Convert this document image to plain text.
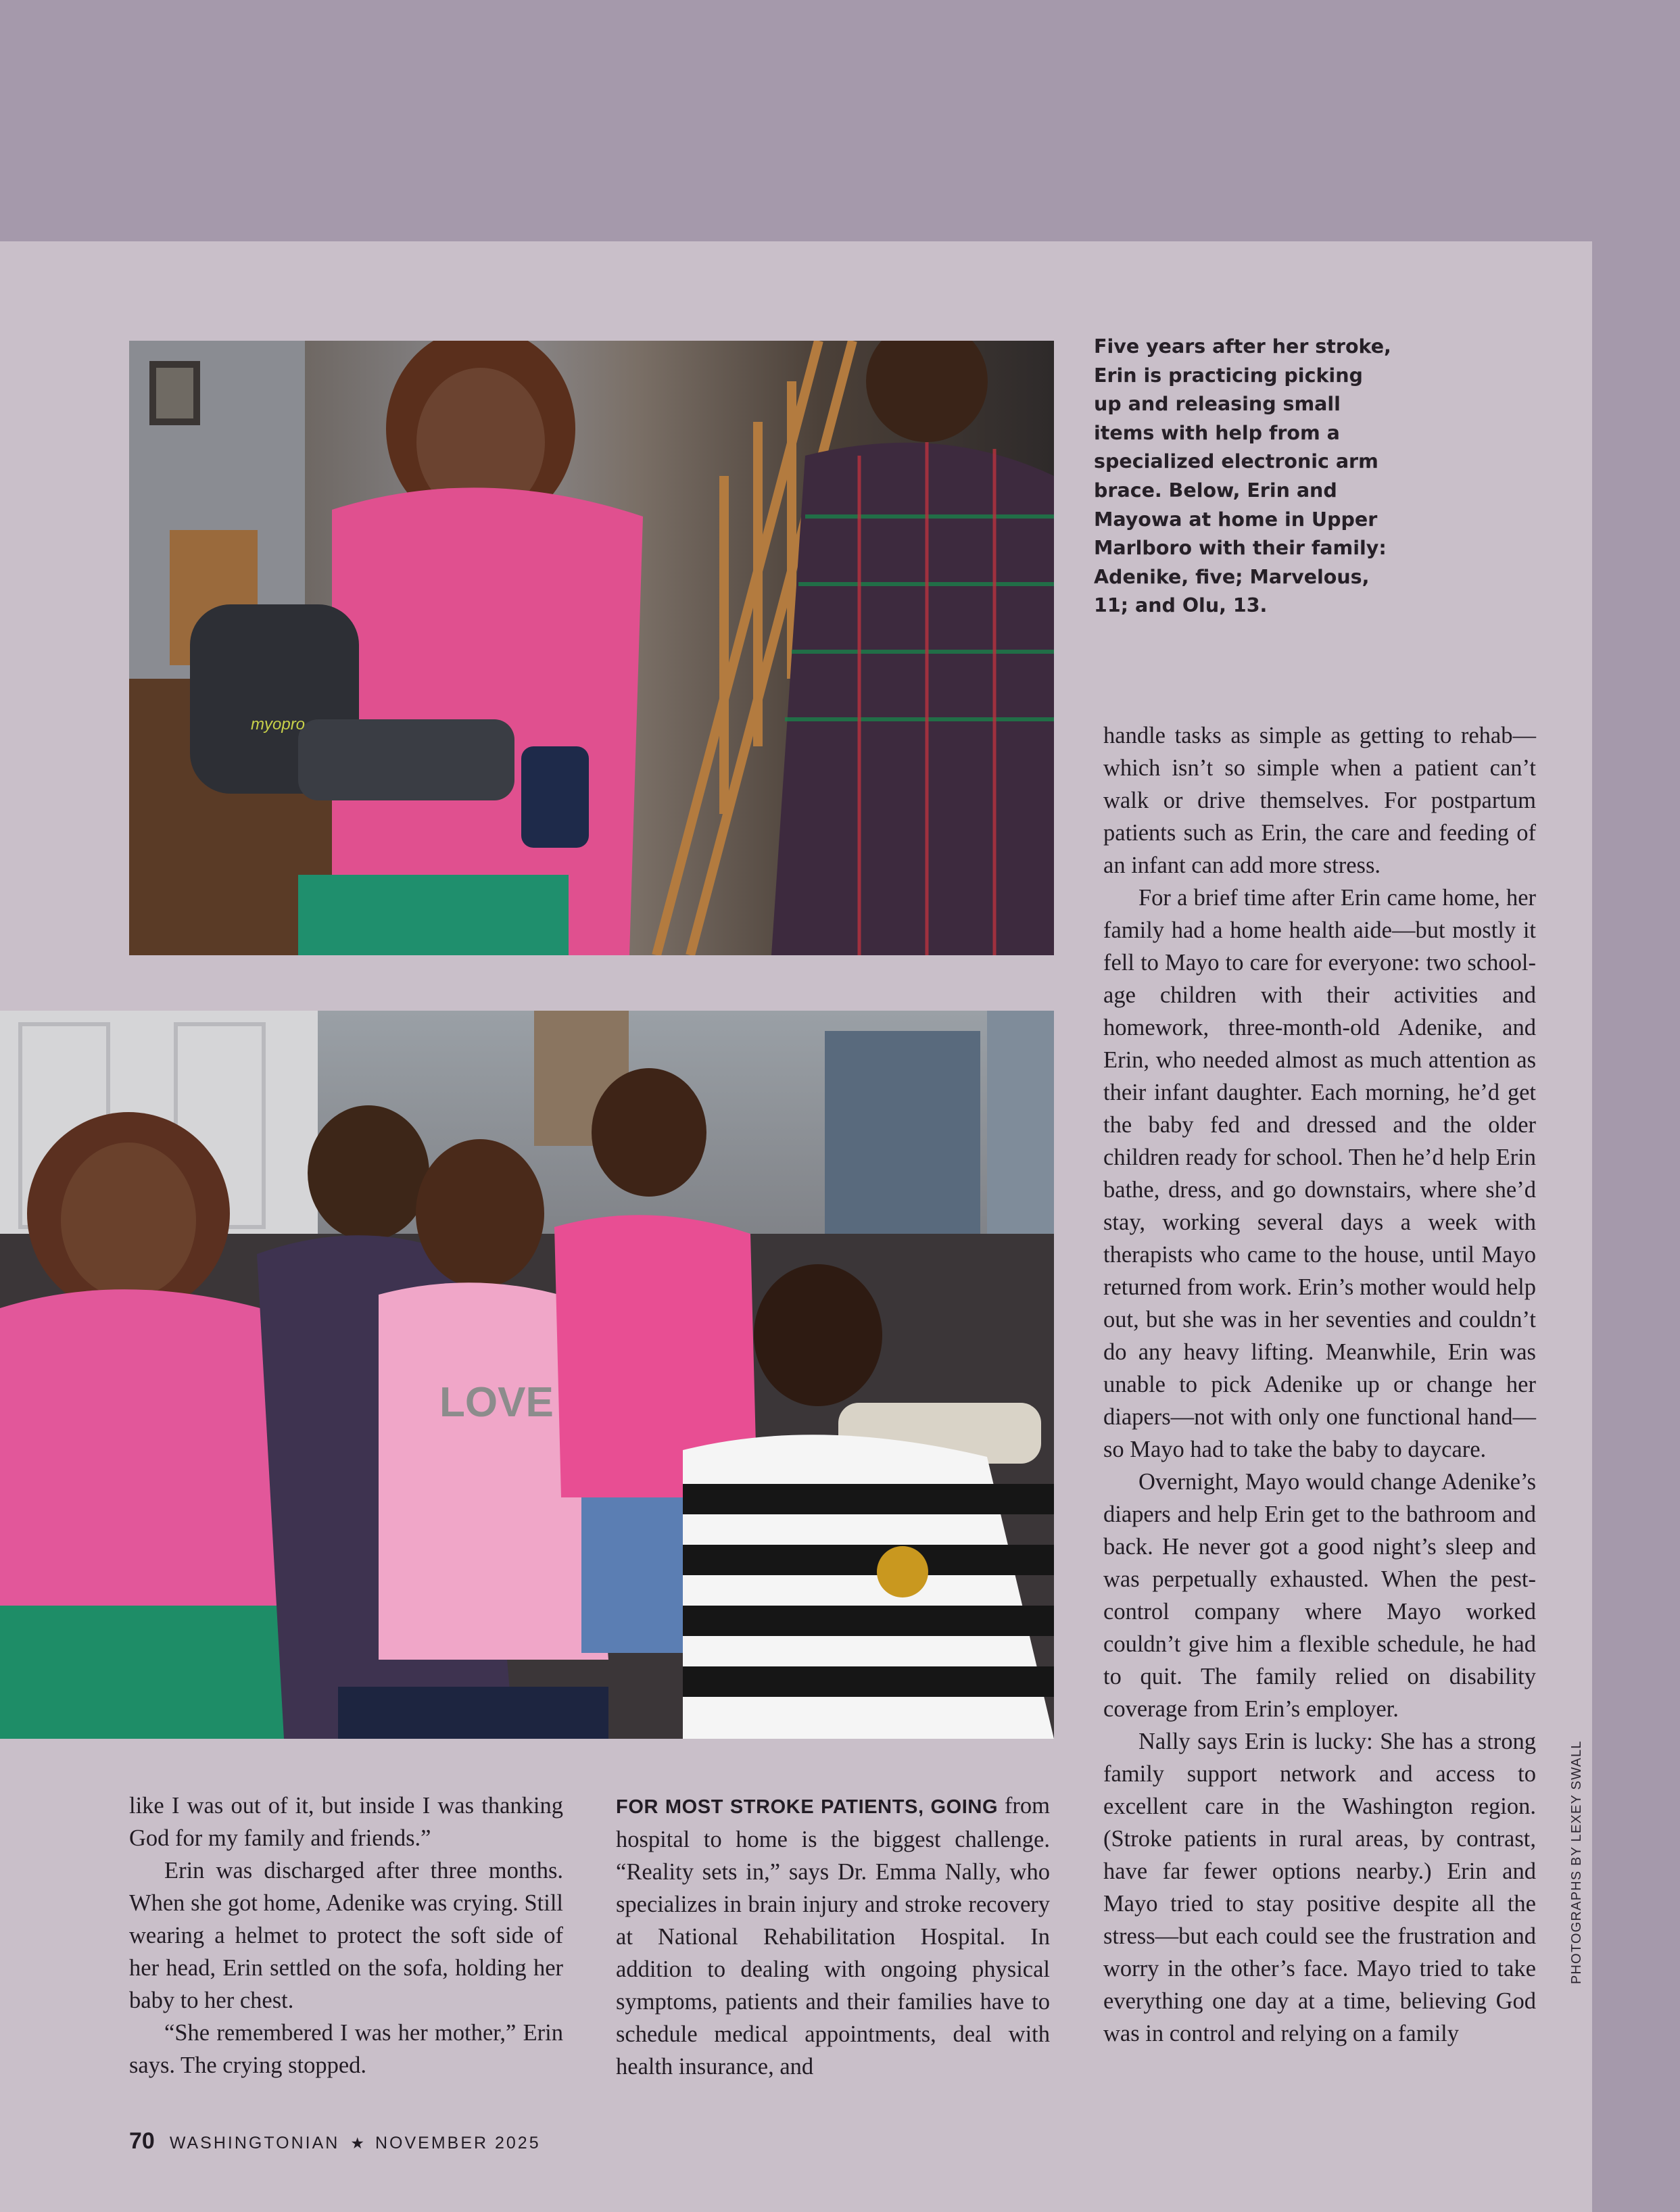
myopro
LOVE

Five years after her stroke, Erin is practicing picking up and releasing small items with help from a specialized electronic arm brace. Below, Erin and Mayowa at home in Upper Marlboro with their family: Adenike, five; Marvelous, 11; and Olu, 13.

handle tasks as simple as getting to rehab—which isn’t so simple when a patient can’t walk or drive themselves. For postpartum patients such as Erin, the care and feeding of an infant can add more stress.

For a brief time after Erin came home, her family had a home health aide—but mostly it fell to Mayo to care for everyone: two school-age children with their activities and homework, three-month-old Adenike, and Erin, who needed almost as much attention as their infant daughter. Each morning, he’d get the baby fed and dressed and the older children ready for school. Then he’d help Erin bathe, dress, and go downstairs, where she’d stay, working several days a week with therapists who came to the house, until Mayo returned from work. Erin’s mother would help out, but she was in her seventies and couldn’t do any heavy lifting. Meanwhile, Erin was unable to pick Adenike up or change her diapers—not with only one functional hand—so Mayo had to take the baby to daycare.

Overnight, Mayo would change Adenike’s diapers and help Erin get to the bathroom and back. He never got a good night’s sleep and was perpetually exhausted. When the pest-control company where Mayo worked couldn’t give him a flexible schedule, he had to quit. The family relied on disability coverage from Erin’s employer.

Nally says Erin is lucky: She has a strong family support network and access to excellent care in the Washington region. (Stroke patients in rural areas, by contrast, have far fewer options nearby.) Erin and Mayo tried to stay positive despite all the stress—but each could see the frustration and worry in the other’s face. Mayo tried to take everything one day at a time, believing God was in control and relying on a family

like I was out of it, but inside I was thanking God for my family and friends.”

Erin was discharged after three months. When she got home, Adenike was crying. Still wearing a helmet to protect the soft side of her head, Erin settled on the sofa, holding her baby to her chest.

“She remembered I was her mother,” Erin says. The crying stopped.

FOR MOST STROKE PATIENTS, GOING from hospital to home is the biggest challenge. “Reality sets in,” says Dr. Emma Nally, who specializes in brain injury and stroke recovery at National Rehabilitation Hospital. In addition to dealing with ongoing physical symptoms, patients and their families have to schedule medical appointments, deal with health insurance, and

PHOTOGRAPHS BY LEXEY SWALL
70 WASHINGTONIAN ★ NOVEMBER 2025
